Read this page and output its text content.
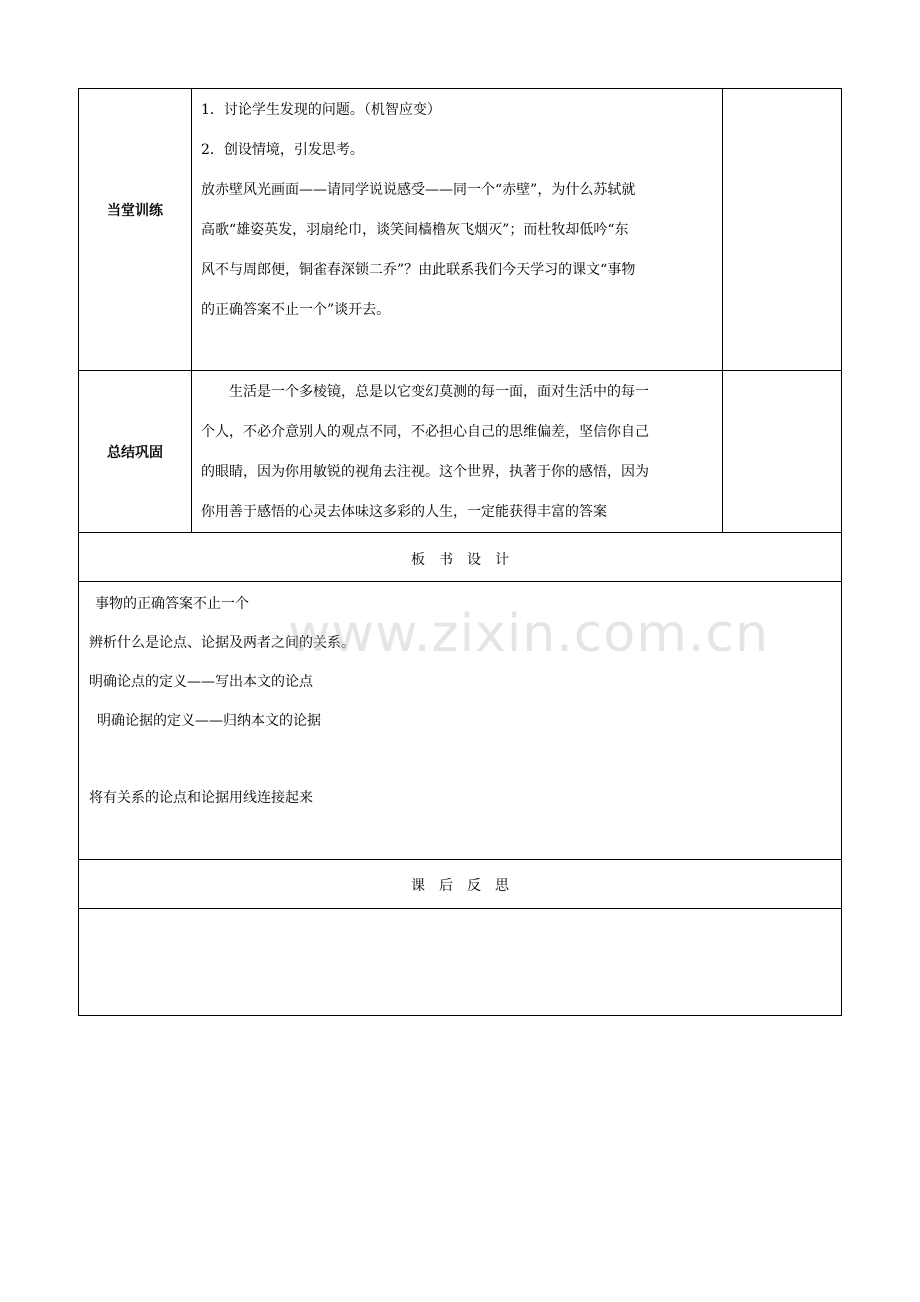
当堂训练

1．讨论学生发现的问题。（机智应变）

2．创设情境，引发思考。

放赤壁风光画面——请同学说说感受——同一个“赤壁”，为什么苏轼就

高歌“雄姿英发，羽扇纶巾，谈笑间樯橹灰飞烟灭”；而杜牧却低吟“东

风不与周郎便，铜雀春深锁二乔”？由此联系我们今天学习的课文“事物

的正确答案不止一个”谈开去。

总结巩固

生活是一个多棱镜，总是以它变幻莫测的每一面，面对生活中的每一

个人，不必介意别人的观点不同，不必担心自己的思维偏差，坚信你自己

的眼睛，因为你用敏锐的视角去注视。这个世界，执著于你的感悟，因为

你用善于感悟的心灵去体味这多彩的人生，一定能获得丰富的答案

板　书　设　计

事物的正确答案不止一个

辨析什么是论点、论据及两者之间的关系。

明确论点的定义——写出本文的论点

明确论据的定义——归纳本文的论据

将有关系的论点和论据用线连接起来

课　后　反　思
www.zixin.com.cn
